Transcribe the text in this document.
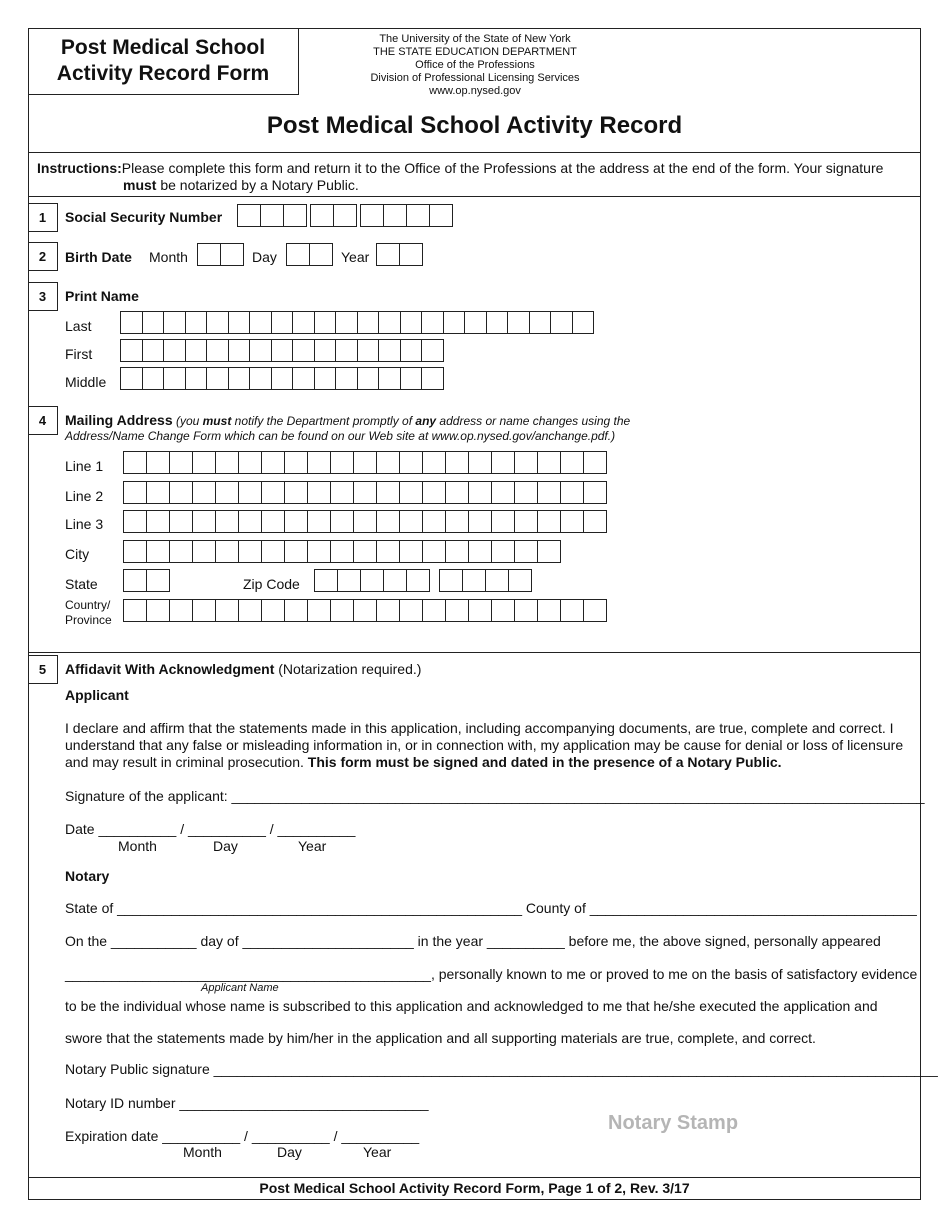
Post Medical School
Activity Record Form
The University of the State of New York
THE STATE EDUCATION DEPARTMENT
Office of the Professions
Division of Professional Licensing Services
www.op.nysed.gov
Post Medical School Activity Record
Instructions:Please complete this form and return it to the Office of the Professions at the address at the end of the form. Your signature
must be notarized by a Notary Public.
1	Social Security Number
2	Birth Date Month	Day	Year
3	Print Name
Last
First
Middle
4	Mailing Address (you must notify the Department promptly of any address or name changes using the
Address/Name Change Form which can be found on our Web site at www.op.nysed.gov/anchange.pdf.)
Line 1
Line 2
Line 3
City
State	Zip Code
Country/
Province
5	Affidavit With Acknowledgment (Notarization required.)
Applicant
I declare and affirm that the statements made in this application, including accompanying documents, are true, complete and correct. I understand that any false or misleading information in, or in connection with, my application may be cause for denial or loss of licensure and may result in criminal prosecution. This form must be signed and dated in the presence of a Notary Public.
Signature of the applicant: _________________________________________________________________________________________
Date __________ / __________ / __________
Month	Day	Year
Notary
State of ____________________________________________________ County of __________________________________________
On the ___________ day of ______________________ in the year __________ before me, the above signed, personally appeared
_______________________________________________, personally known to me or proved to me on the basis of satisfactory evidence
Applicant Name
to be the individual whose name is subscribed to this application and acknowledged to me that he/she executed the application and
swore that the statements made by him/her in the application and all supporting materials are true, complete, and correct.
Notary Public signature _____________________________________________________________________________________________
Notary ID number ________________________________
Expiration date __________ / __________ / __________
Month	Day	Year
Notary Stamp
Post Medical School Activity Record Form, Page 1 of 2, Rev. 3/17
